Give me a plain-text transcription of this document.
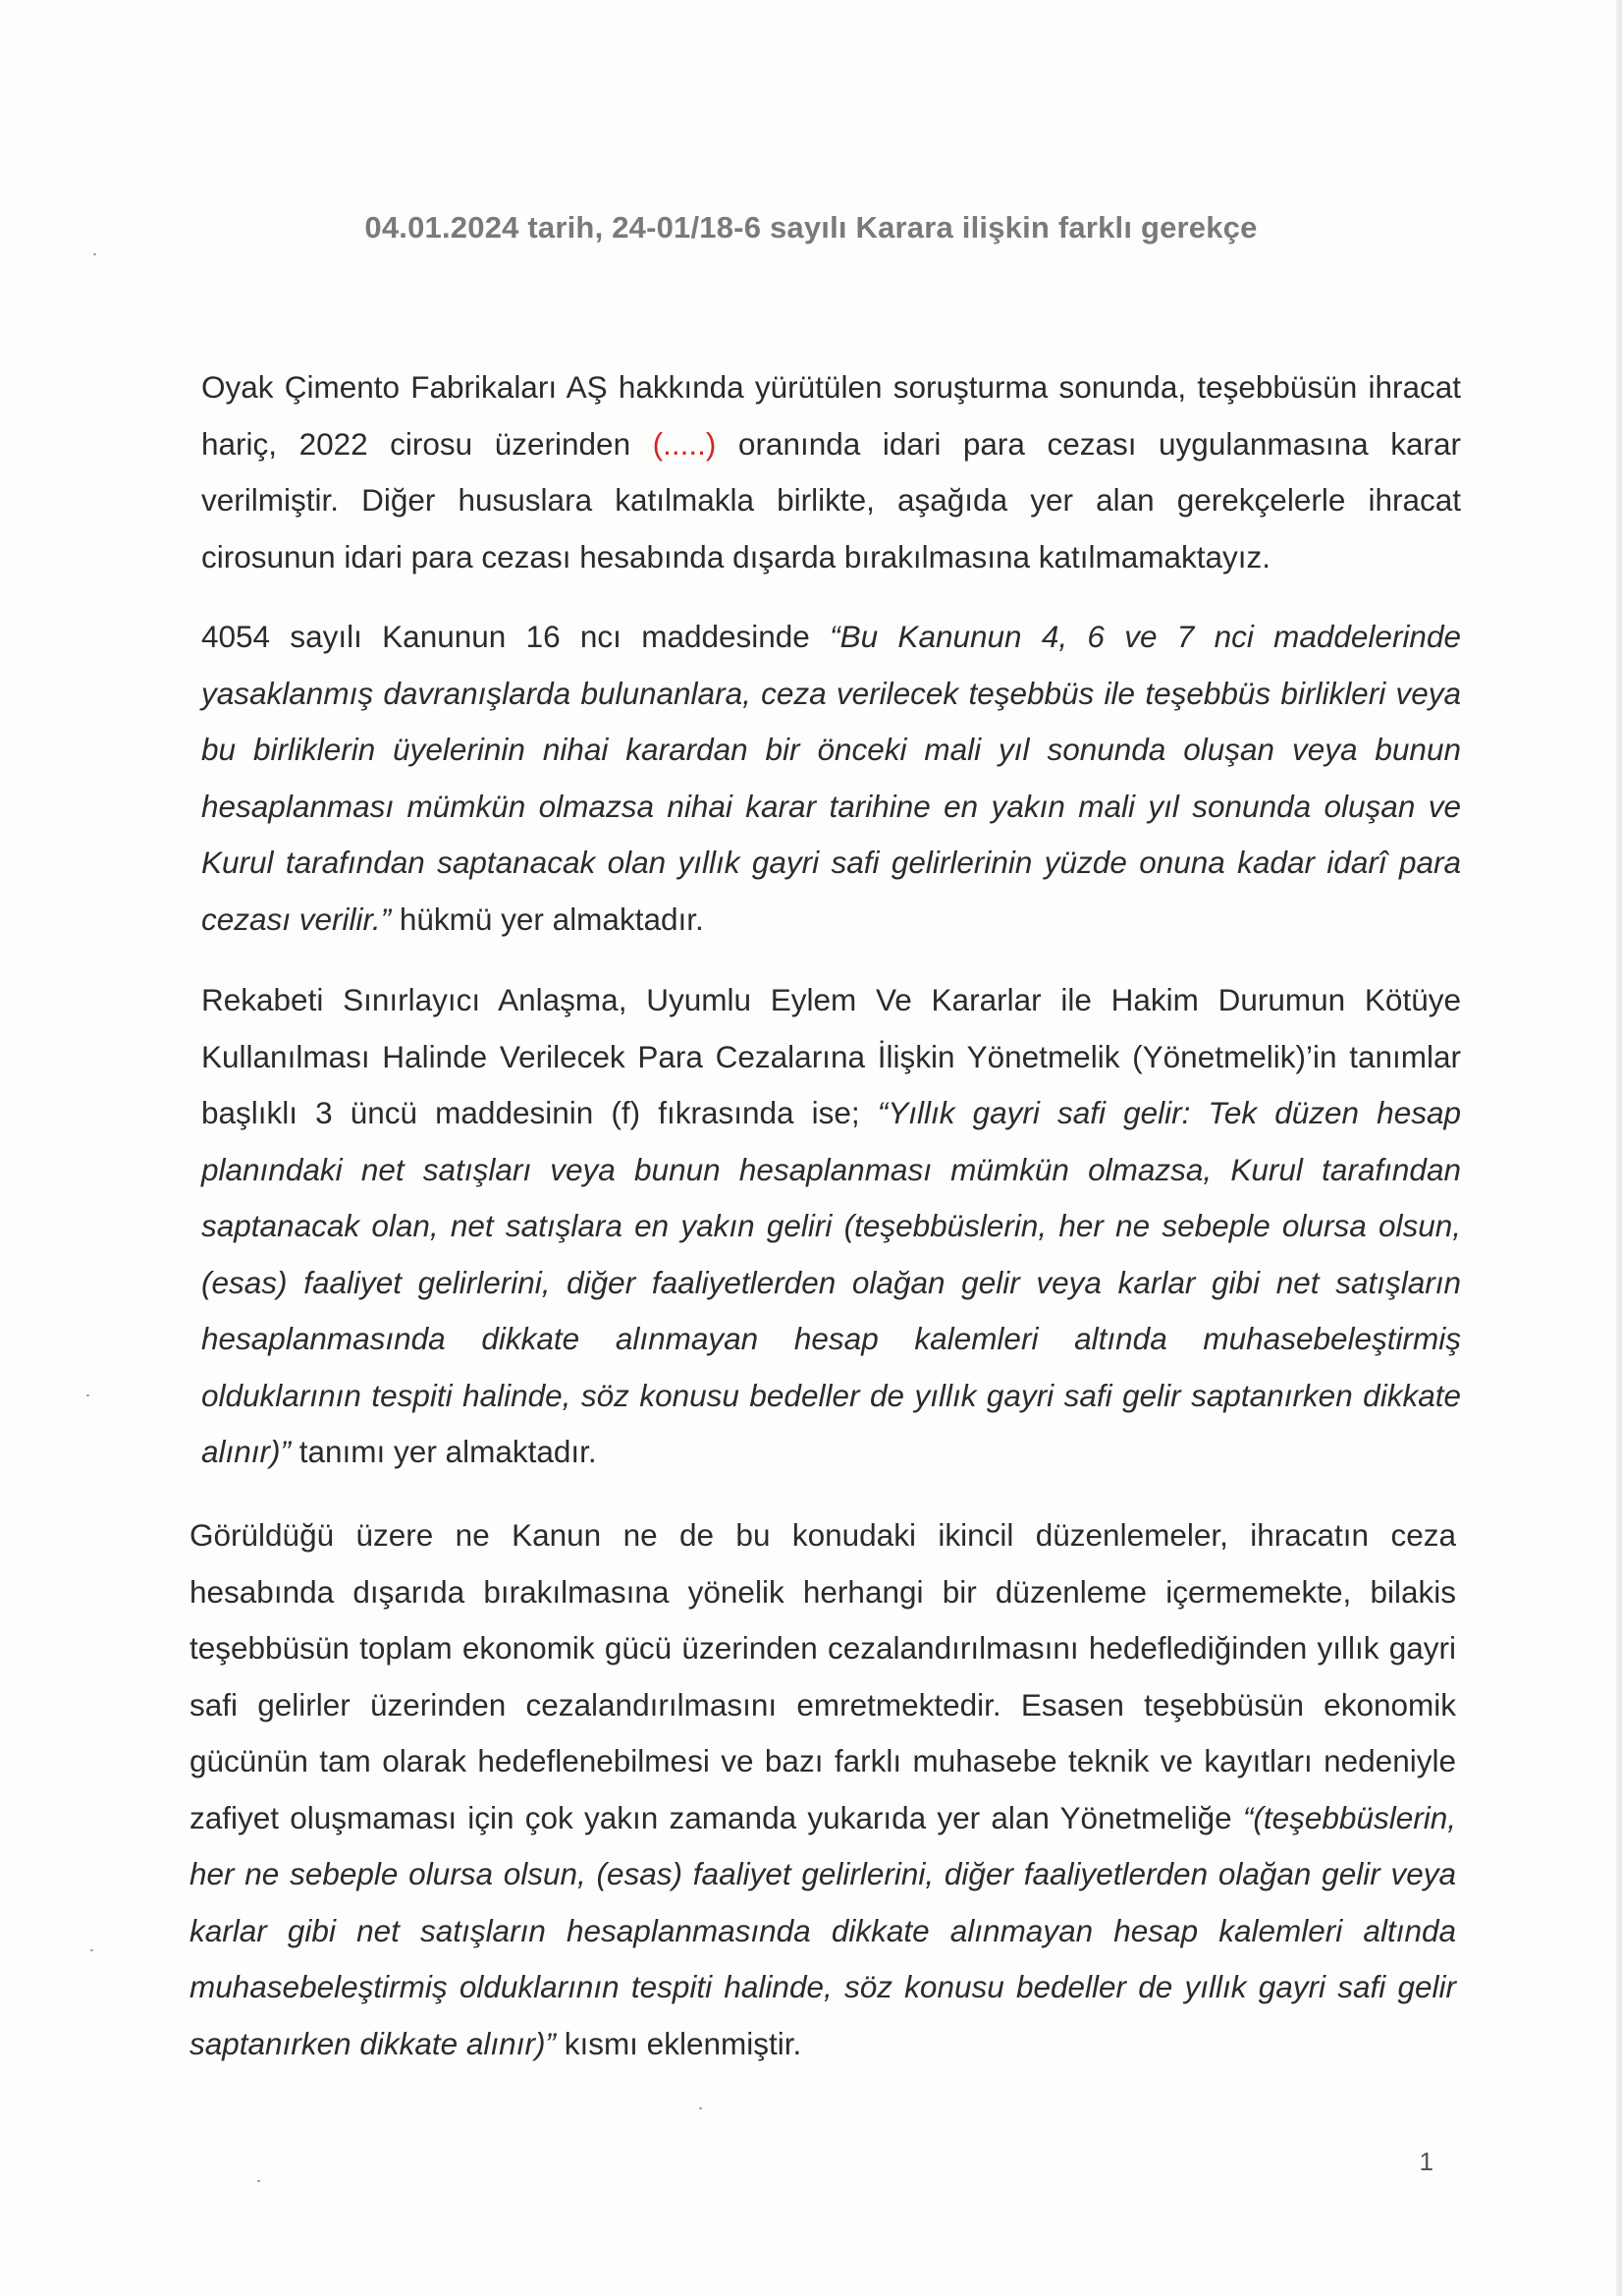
04.01.2024 tarih, 24-01/18-6 sayılı Karara ilişkin farklı gerekçe

Oyak Çimento Fabrikaları AŞ hakkında yürütülen soruşturma sonunda, teşebbüsün ihracat hariç, 2022 cirosu üzerinden (.....) oranında idari para cezası uygulanmasına karar verilmiştir. Diğer hususlara katılmakla birlikte, aşağıda yer alan gerekçelerle ihracat cirosunun idari para cezası hesabında dışarda bırakılmasına katılmamaktayız.

4054 sayılı Kanunun 16 ncı maddesinde “Bu Kanunun 4, 6 ve 7 nci maddelerinde yasaklanmış davranışlarda bulunanlara, ceza verilecek teşebbüs ile teşebbüs birlikleri veya bu birliklerin üyelerinin nihai karardan bir önceki mali yıl sonunda oluşan veya bunun hesaplanması mümkün olmazsa nihai karar tarihine en yakın mali yıl sonunda oluşan ve Kurul tarafından saptanacak olan yıllık gayri safi gelirlerinin yüzde onuna kadar idarî para cezası verilir.” hükmü yer almaktadır.

Rekabeti Sınırlayıcı Anlaşma, Uyumlu Eylem Ve Kararlar ile Hakim Durumun Kötüye Kullanılması Halinde Verilecek Para Cezalarına İlişkin Yönetmelik (Yönetmelik)’in tanımlar başlıklı 3 üncü maddesinin (f) fıkrasında ise; “Yıllık gayri safi gelir: Tek düzen hesap planındaki net satışları veya bunun hesaplanması mümkün olmazsa, Kurul tarafından saptanacak olan, net satışlara en yakın geliri (teşebbüslerin, her ne sebeple olursa olsun, (esas) faaliyet gelirlerini, diğer faaliyetlerden olağan gelir veya karlar gibi net satışların hesaplanmasında dikkate alınmayan hesap kalemleri altında muhasebeleştirmiş olduklarının tespiti halinde, söz konusu bedeller de yıllık gayri safi gelir saptanırken dikkate alınır)” tanımı yer almaktadır.

Görüldüğü üzere ne Kanun ne de bu konudaki ikincil düzenlemeler, ihracatın ceza hesabında dışarıda bırakılmasına yönelik herhangi bir düzenleme içermemekte, bilakis teşebbüsün toplam ekonomik gücü üzerinden cezalandırılmasını hedeflediğinden yıllık gayri safi gelirler üzerinden cezalandırılmasını emretmektedir. Esasen teşebbüsün ekonomik gücünün tam olarak hedeflenebilmesi ve bazı farklı muhasebe teknik ve kayıtları nedeniyle zafiyet oluşmaması için çok yakın zamanda yukarıda yer alan Yönetmeliğe “(teşebbüslerin, her ne sebeple olursa olsun, (esas) faaliyet gelirlerini, diğer faaliyetlerden olağan gelir veya karlar gibi net satışların hesaplanmasında dikkate alınmayan hesap kalemleri altında muhasebeleştirmiş olduklarının tespiti halinde, söz konusu bedeller de yıllık gayri safi gelir saptanırken dikkate alınır)” kısmı eklenmiştir.

1
